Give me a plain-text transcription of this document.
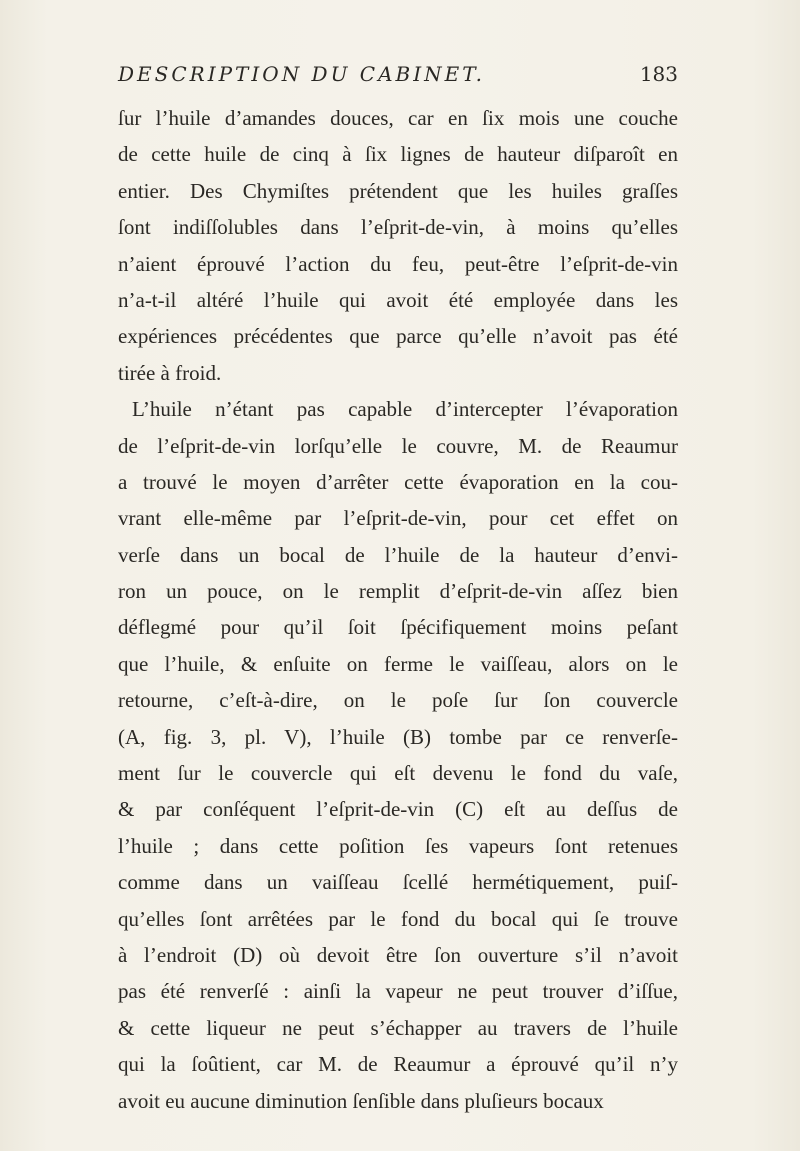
DESCRIPTION DU CABINET.	183
ſur l’huile d’amandes douces, car en ſix mois une couche
de cette huile de cinq à ſix lignes de hauteur diſparoît en
entier. Des Chymiſtes prétendent que les huiles graſſes
ſont indiſſolubles dans l’eſprit-de-vin, à moins qu’elles
n’aient éprouvé l’action du feu, peut-être l’eſprit-de-vin
n’a-t-il altéré l’huile qui avoit été employée dans les
expériences précédentes que parce qu’elle n’avoit pas été
tirée à froid.
L’huile n’étant pas capable d’intercepter l’évaporation
de l’eſprit-de-vin lorſqu’elle le couvre, M. de Reaumur
a trouvé le moyen d’arrêter cette évaporation en la cou-
vrant elle-même par l’eſprit-de-vin, pour cet effet on
verſe dans un bocal de l’huile de la hauteur d’envi-
ron un pouce, on le remplit d’eſprit-de-vin aſſez bien
déflegmé pour qu’il ſoit ſpécifiquement moins peſant
que l’huile, & enſuite on ferme le vaiſſeau, alors on le
retourne, c’eſt-à-dire, on le poſe ſur ſon couvercle
(A, fig. 3, pl. V), l’huile (B) tombe par ce renverſe-
ment ſur le couvercle qui eſt devenu le fond du vaſe,
& par conſéquent l’eſprit-de-vin (C) eſt au deſſus de
l’huile ; dans cette poſition ſes vapeurs ſont retenues
comme dans un vaiſſeau ſcellé hermétiquement, puiſ-
qu’elles ſont arrêtées par le fond du bocal qui ſe trouve
à l’endroit (D) où devoit être ſon ouverture s’il n’avoit
pas été renverſé : ainſi la vapeur ne peut trouver d’iſſue,
& cette liqueur ne peut s’échapper au travers de l’huile
qui la ſoûtient, car M. de Reaumur a éprouvé qu’il n’y
avoit eu aucune diminution ſenſible dans pluſieurs bocaux
